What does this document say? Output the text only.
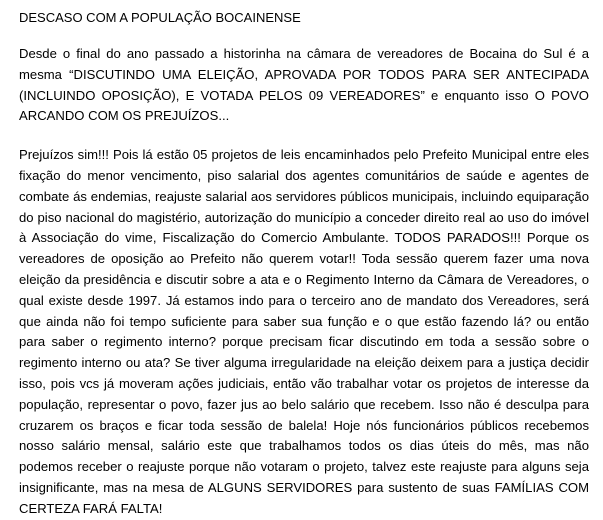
DESCASO COM A POPULAÇÃO BOCAINENSE

Desde o final do ano passado a historinha na câmara de vereadores de Bocaina do Sul é a mesma “DISCUTINDO UMA ELEIÇÃO, APROVADA POR TODOS PARA SER ANTECIPADA (INCLUINDO OPOSIÇÃO), E VOTADA PELOS 09 VEREADORES” e enquanto isso O POVO ARCANDO COM OS PREJUÍZOS...

Prejuízos sim!!! Pois lá estão 05 projetos de leis encaminhados pelo Prefeito Municipal entre eles fixação do menor vencimento, piso salarial dos agentes comunitários de saúde e agentes de combate ás endemias, reajuste salarial aos servidores públicos municipais, incluindo equiparação do piso nacional do magistério, autorização do município a conceder direito real ao uso do imóvel à Associação do vime, Fiscalização do Comercio Ambulante. TODOS PARADOS!!! Porque os vereadores de oposição ao Prefeito não querem votar!! Toda sessão querem fazer uma nova eleição da presidência e discutir sobre a ata e o Regimento Interno da Câmara de Vereadores, o qual existe desde 1997. Já estamos indo para o terceiro ano de mandato dos Vereadores, será que ainda não foi tempo suficiente para saber sua função e o que estão fazendo lá? ou então para saber o regimento interno? porque precisam ficar discutindo em toda a sessão sobre o regimento interno ou ata? Se tiver alguma irregularidade na eleição deixem para a justiça decidir isso, pois vcs já moveram ações judiciais, então vão trabalhar votar os projetos de interesse da população, representar o povo, fazer jus ao belo salário que recebem. Isso não é desculpa para cruzarem os braços e ficar toda sessão de balela! Hoje nós funcionários públicos recebemos nosso salário mensal, salário este que trabalhamos todos os dias úteis do mês, mas não podemos receber o reajuste porque não votaram o projeto, talvez este reajuste para alguns seja insignificante, mas na mesa de ALGUNS SERVIDORES para sustento de suas FAMÍLIAS COM CERTEZA FARÁ FALTA!
